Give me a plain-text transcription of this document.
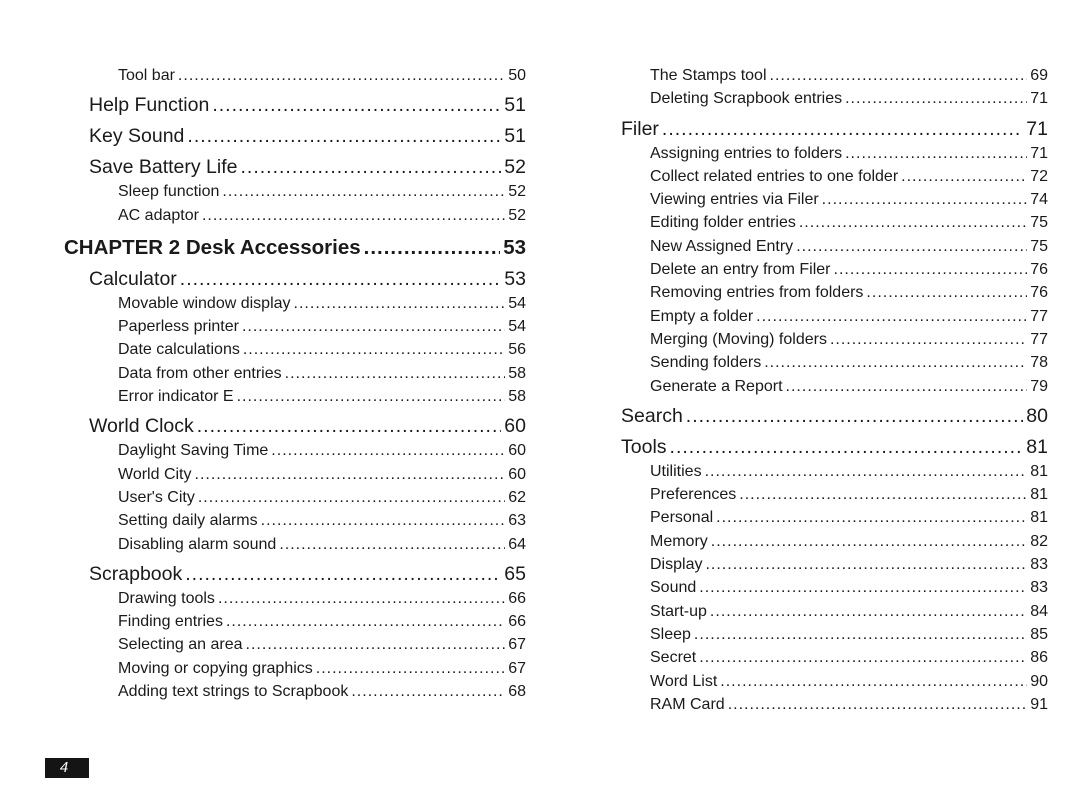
Tool bar .....	50
Help Function .....	51
Key Sound .....	51
Save Battery Life .....	52
Sleep function .....	52
AC adaptor .....	52
CHAPTER 2 Desk Accessories .....	53
Calculator .....	53
Movable window display .....	54
Paperless printer .....	54
Date calculations .....	56
Data from other entries .....	58
Error indicator E .....	58
World Clock .....	60
Daylight Saving Time .....	60
World City .....	60
User's City .....	62
Setting daily alarms .....	63
Disabling alarm sound .....	64
Scrapbook .....	65
Drawing tools .....	66
Finding entries .....	66
Selecting an area .....	67
Moving or copying graphics .....	67
Adding text strings to Scrapbook .....	68
The Stamps tool .....	69
Deleting Scrapbook entries .....	71
Filer .....	71
Assigning entries to folders .....	71
Collect related entries to one folder .....	72
Viewing entries via Filer .....	74
Editing folder entries .....	75
New Assigned Entry .....	75
Delete an entry from Filer .....	76
Removing entries from folders .....	76
Empty a folder .....	77
Merging (Moving) folders .....	77
Sending folders .....	78
Generate a Report .....	79
Search .....	80
Tools .....	81
Utilities .....	81
Preferences .....	81
Personal .....	81
Memory .....	82
Display .....	83
Sound .....	83
Start-up .....	84
Sleep .....	85
Secret .....	86
Word List .....	90
RAM Card .....	91
4
